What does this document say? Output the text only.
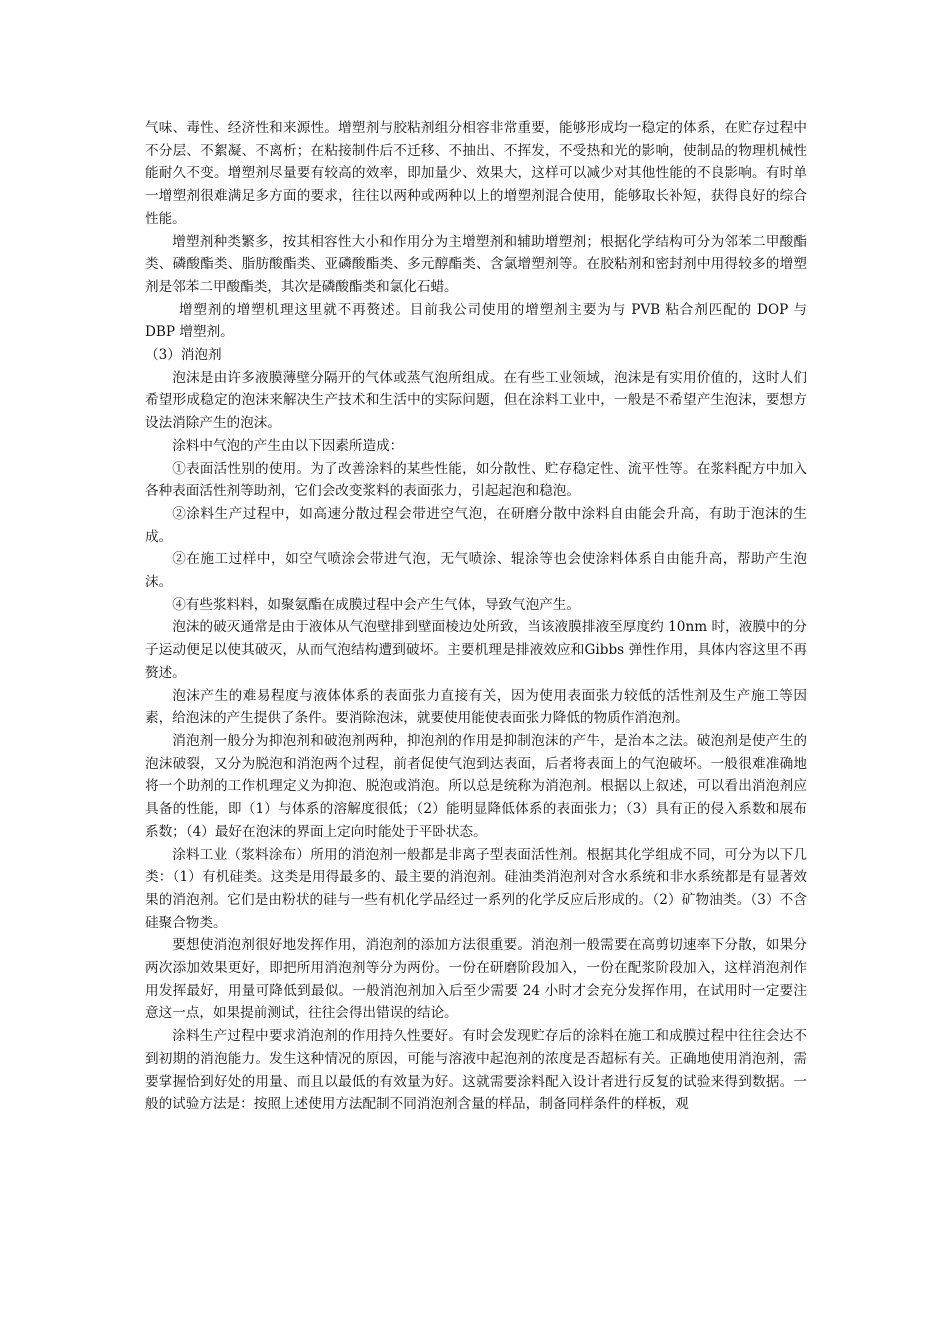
气味、毒性、经济性和来源性。增塑剂与胶粘剂组分相容非常重要，能够形成均一稳定的体系，在贮存过程中不分层、不絮凝、不离析；在粘接制件后不迁移、不抽出、不挥发，不受热和光的影响，使制品的物理机械性能耐久不变。增塑剂尽量要有较高的效率，即加量少、效果大，这样可以减少对其他性能的不良影响。有时单一增塑剂很难满足多方面的要求，往往以两种或两种以上的增塑剂混合使用，能够取长补短，获得良好的综合性能。

增塑剂种类繁多，按其相容性大小和作用分为主增塑剂和辅助增塑剂；根据化学结构可分为邻苯二甲酸酯类、磷酸酯类、脂肪酸酯类、亚磷酸酯类、多元醇酯类、含氯增塑剂等。在胶粘剂和密封剂中用得较多的增塑剂是邻苯二甲酸酯类，其次是磷酸酯类和氯化石蜡。

增塑剂的增塑机理这里就不再赘述。目前我公司使用的增塑剂主要为与 PVB 粘合剂匹配的 DOP 与 DBP 增塑剂。

（3）消泡剂

泡沫是由许多液膜薄壁分隔开的气体或蒸气泡所组成。在有些工业领域，泡沫是有实用价值的，这时人们希望形成稳定的泡沫来解决生产技术和生活中的实际问题，但在涂料工业中，一般是不希望产生泡沫，要想方设法消除产生的泡沫。

涂料中气泡的产生由以下因素所造成：

①表面活性别的使用。为了改善涂料的某些性能，如分散性、贮存稳定性、流平性等。在浆料配方中加入各种表面活性剂等助剂，它们会改变浆料的表面张力，引起起泡和稳泡。

②涂料生产过程中，如高速分散过程会带进空气泡，在研磨分散中涂料自由能会升高，有助于泡沫的生成。

②在施工过样中，如空气喷涂会带进气泡，无气喷涂、辊涂等也会使涂料体系自由能升高，帮助产生泡沫。

④有些浆料料，如聚氨酯在成膜过程中会产生气体，导致气泡产生。

泡沫的破灭通常是由于液体从气泡壁排到壁面棱边处所致，当该液膜排液至厚度约 10nm 时，液膜中的分子运动便足以使其破灭，从而气泡结构遭到破坏。主要机理是排液效应和Gibbs 弹性作用，具体内容这里不再赘述。

泡沫产生的难易程度与液体体系的表面张力直接有关，因为使用表面张力较低的活性剂及生产施工等因素，给泡沫的产生提供了条件。要消除泡沫，就要使用能使表面张力降低的物质作消泡剂。

消泡剂一般分为抑泡剂和破泡剂两种，抑泡剂的作用是抑制泡沫的产牛，是治本之法。破泡剂是使产生的泡沫破裂，又分为脱泡和消泡两个过程，前者促使气泡到达表面，后者将表面上的气泡破坏。一般很难准确地将一个助剂的工作机理定义为抑泡、脱泡或消泡。所以总是统称为消泡剂。根据以上叙述，可以看出消泡剂应具备的性能，即（1）与体系的溶解度很低；（2）能明显降低体系的表面张力；（3）具有正的侵入系数和展布系数；（4）最好在泡沫的界面上定向时能处于平卧状态。

涂料工业（浆料涂布）所用的消泡剂一般都是非离子型表面活性剂。根据其化学组成不同，可分为以下几类：（1）有机硅类。这类是用得最多的、最主要的消泡剂。硅油类消泡剂对含水系统和非水系统都是有显著效果的消泡剂。它们是由粉状的硅与一些有机化学品经过一系列的化学反应后形成的。（2）矿物油类。（3）不含硅聚合物类。

要想使消泡剂很好地发挥作用，消泡剂的添加方法很重要。消泡剂一般需要在高剪切速率下分散，如果分两次添加效果更好，即把所用消泡剂等分为两份。一份在研磨阶段加入，一份在配浆阶段加入，这样消泡剂作用发挥最好，用量可降低到最似。一般消泡剂加入后至少需要 24 小时才会充分发挥作用，在试用时一定要注意这一点，如果提前测试，往往会得出错误的结论。

涂料生产过程中要求消泡剂的作用持久性要好。有时会发现贮存后的涂料在施工和成膜过程中往往会达不到初期的消泡能力。发生这种情况的原因，可能与溶液中起泡剂的浓度是否超标有关。正确地使用消泡剂，需要掌握恰到好处的用量、而且以最低的有效量为好。这就需要涂料配入设计者进行反复的试验来得到数据。一般的试验方法是：按照上述使用方法配制不同消泡剂含量的样品，制备同样条件的样板，观
